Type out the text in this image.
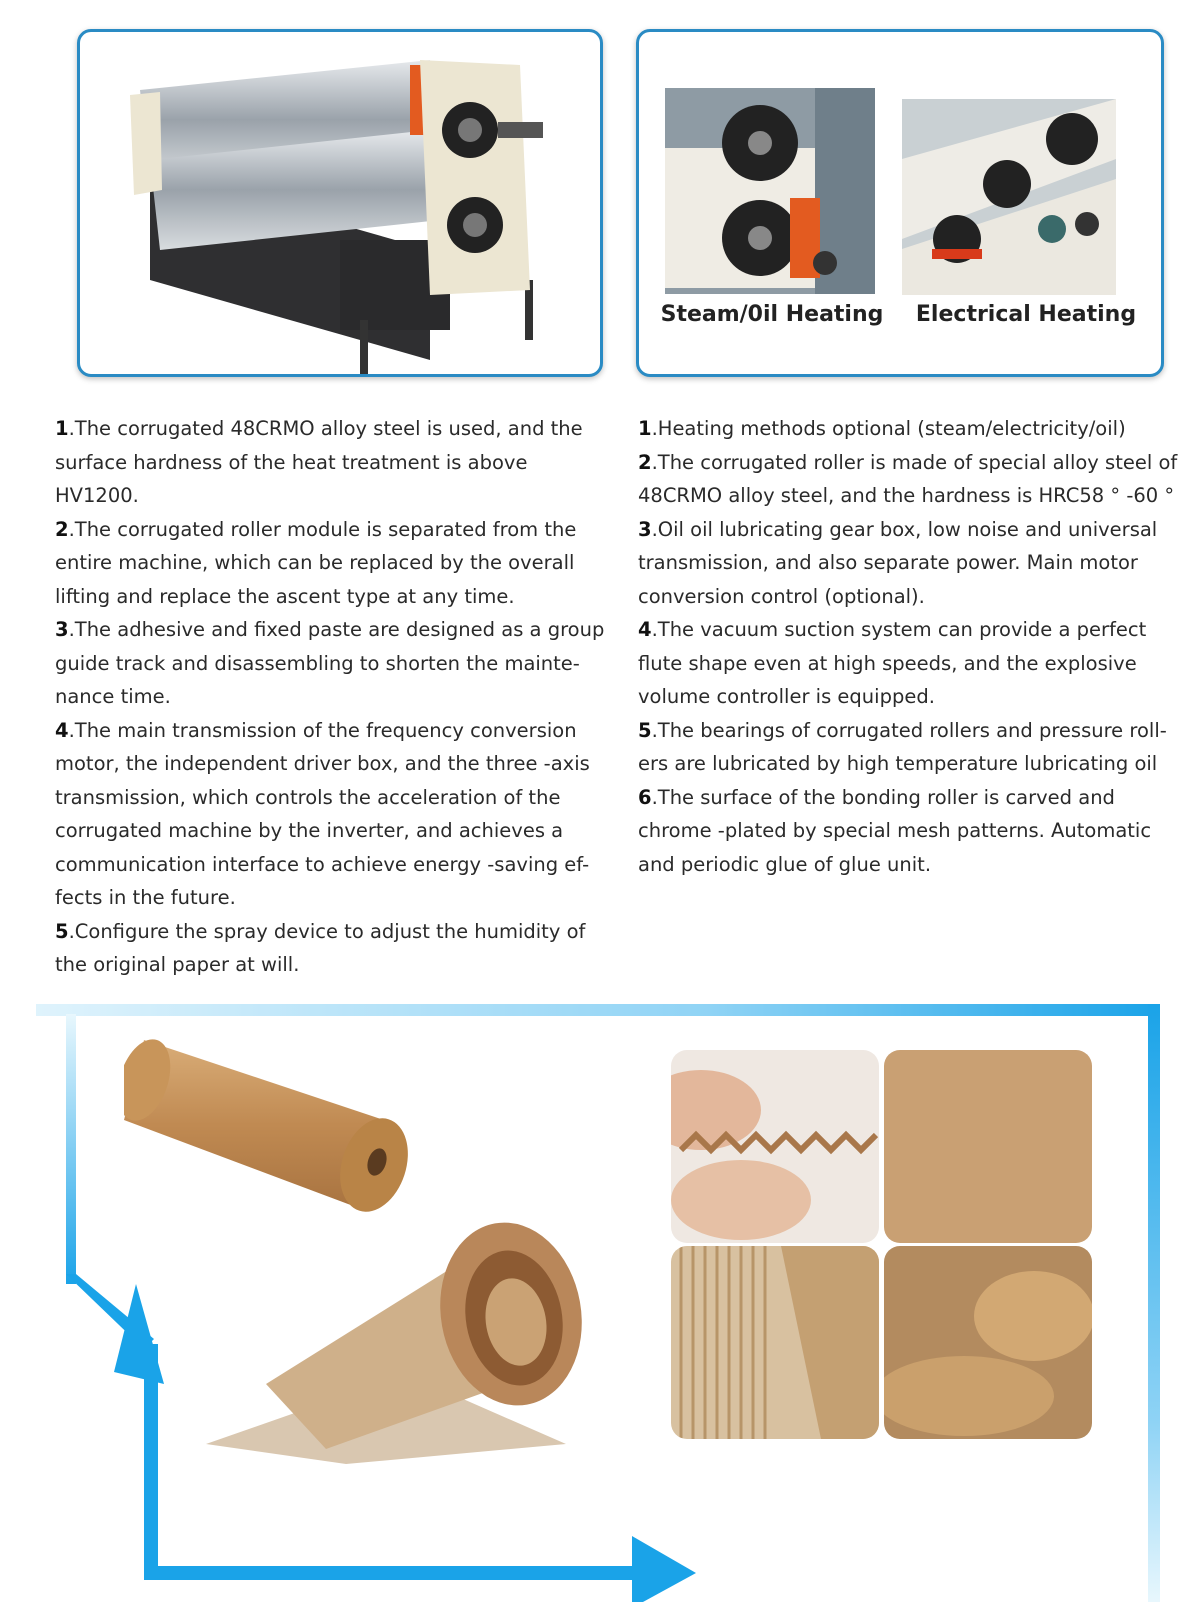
Steam/0il Heating	Electrical Heating

1.The corrugated 48CRMO alloy steel is used, and the surface hardness of the heat treatment is above HV1200.

2.The corrugated roller module is separated from the entire machine, which can be replaced by the overall lifting and replace the ascent type at any time.

3.The adhesive and fixed paste are designed as a group guide track and disassembling to shorten the mainte-nance time.

4.The main transmission of the frequency conversion motor, the independent driver box, and the three -axis transmission, which controls the acceleration of the corrugated machine by the inverter, and achieves a communication interface to achieve energy -saving ef-fects in the future.

5.Configure the spray device to adjust the humidity of the original paper at will.

1.Heating methods optional (steam/electricity/oil)

2.The corrugated roller is made of special alloy steel of 48CRMO alloy steel, and the hardness is HRC58 ° -60 °

3.Oil oil lubricating gear box, low noise and universal transmission, and also separate power. Main motor conversion control (optional).

4.The vacuum suction system can provide a perfect flute shape even at high speeds, and the explosive volume controller is equipped.

5.The bearings of corrugated rollers and pressure roll-ers are lubricated by high temperature lubricating oil

6.The surface of the bonding roller is carved and chrome -plated by special mesh patterns. Automatic and periodic glue of glue unit.
